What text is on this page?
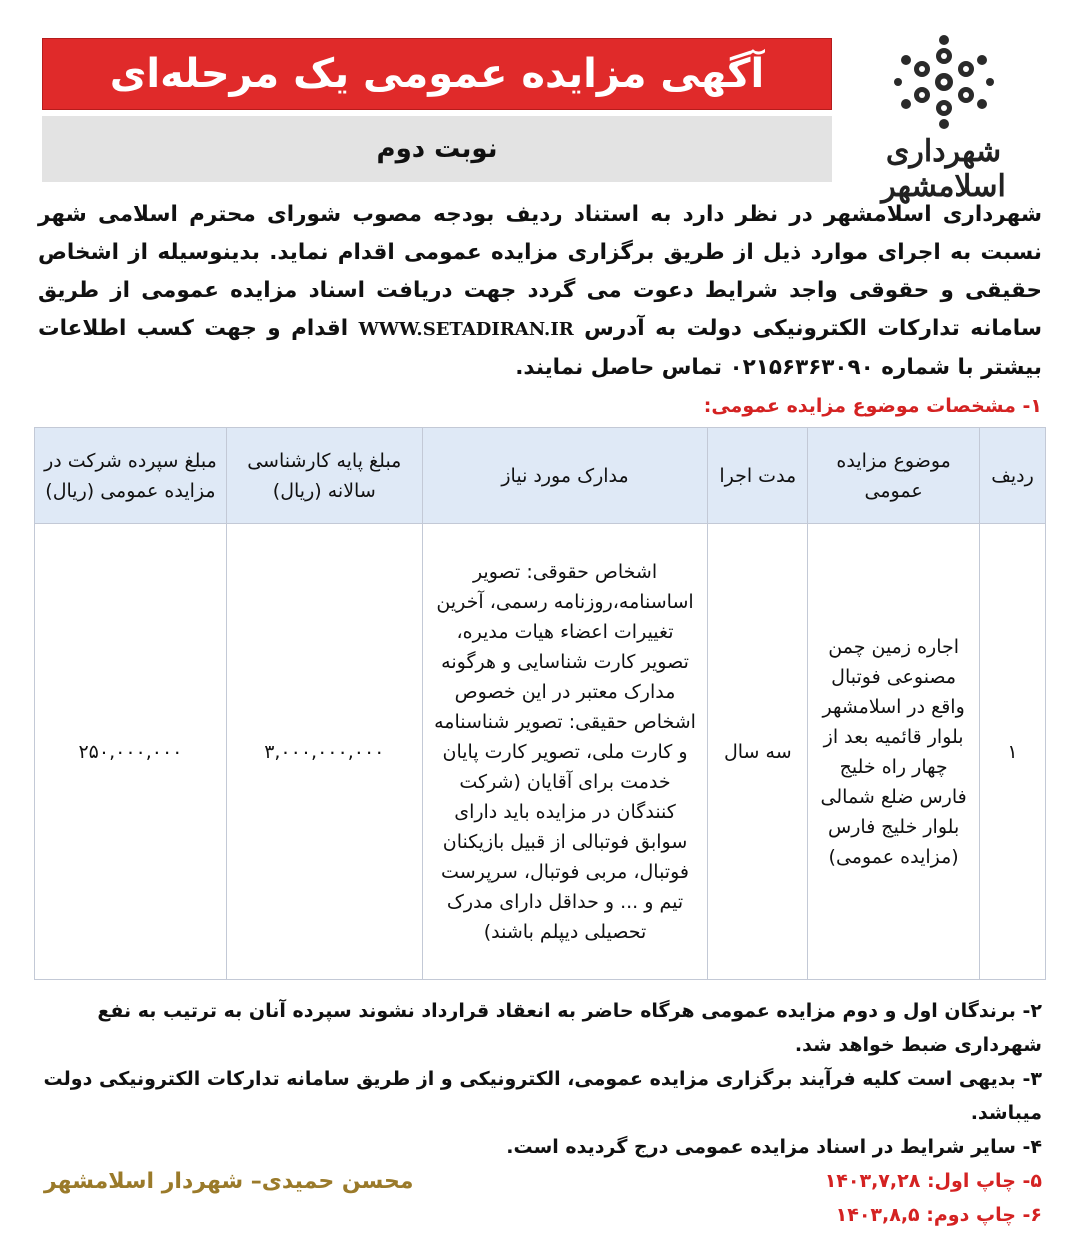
شهرداری اسلامشهر
آگهی مزایده عمومی یک مرحله‌ای
نوبت دوم

شهرداری اسلامشهر در نظر دارد به استناد ردیف بودجه مصوب شورای محترم اسلامی شهر نسبت به اجرای موارد ذیل از طریق برگزاری مزایده عمومی اقدام نماید. بدینوسیله از اشخاص حقیقی و حقوقی واجد شرایط دعوت می گردد جهت دریافت اسناد مزایده عمومی از طریق سامانه تدارکات الکترونیکی دولت به آدرس WWW.SETADIRAN.IR اقدام و جهت کسب اطلاعات بیشتر با شماره ۰۲۱۵۶۳۶۳۰۹۰ تماس حاصل نمایند.

۱- مشخصات موضوع مزایده عمومی:
ردیف	موضوع مزایده عمومی	مدت اجرا	مدارک مورد نیاز	مبلغ پایه کارشناسی سالانه (ریال)	مبلغ سپرده شرکت در مزایده عمومی (ریال)
۱	اجاره زمین چمن مصنوعی فوتبال واقع در اسلامشهر بلوار قائمیه بعد از چهار راه خلیج فارس ضلع شمالی بلوار خلیج فارس (مزایده عمومی)	سه سال	اشخاص حقوقی: تصویر اساسنامه،روزنامه رسمی، آخرین تغییرات اعضاء هیات مدیره، تصویر کارت شناسایی و هرگونه مدارک معتبر در این خصوص اشخاص حقیقی: تصویر شناسنامه و کارت ملی، تصویر کارت پایان خدمت برای آقایان (شرکت کنندگان در مزایده باید دارای سوابق فوتبالی از قبیل بازیکنان فوتبال، مربی فوتبال، سرپرست تیم و ... و حداقل دارای مدرک تحصیلی دیپلم باشند)	۳,۰۰۰,۰۰۰,۰۰۰	۲۵۰,۰۰۰,۰۰۰
۲- برندگان اول و دوم مزایده عمومی هرگاه حاضر به انعقاد قرارداد نشوند سپرده آنان به ترتیب به نفع شهرداری ضبط خواهد شد.
۳- بدیهی است کلیه فرآیند برگزاری مزایده عمومی، الکترونیکی و از طریق سامانه تدارکات الکترونیکی دولت میباشد.
۴- سایر شرایط در اسناد مزایده عمومی درج گردیده است.
۵- چاپ اول: ۱۴۰۳,۷,۲۸
۶- چاپ دوم: ۱۴۰۳,۸,۵
محسن حمیدی– شهردار اسلامشهر
